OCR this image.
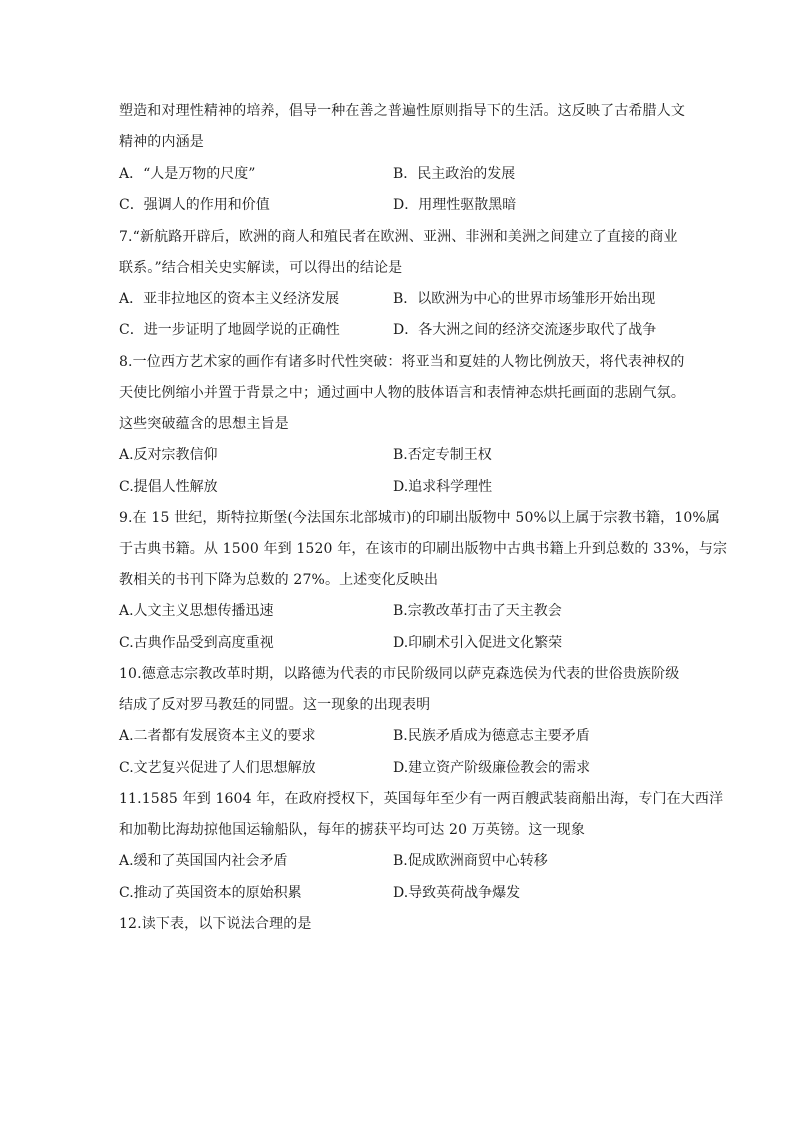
塑造和对理性精神的培养，倡导一种在善之普遍性原则指导下的生活。这反映了古希腊人文
精神的内涵是
A．“人是万物的尺度”	B．民主政治的发展
C．强调人的作用和价值	D．用理性驱散黑暗
7.“新航路开辟后，欧洲的商人和殖民者在欧洲、亚洲、非洲和美洲之间建立了直接的商业
联系。”结合相关史实解读，可以得出的结论是
A．亚非拉地区的资本主义经济发展	B．以欧洲为中心的世界市场雏形开始出现
C．进一步证明了地圆学说的正确性	D．各大洲之间的经济交流逐步取代了战争
8.一位西方艺术家的画作有诸多时代性突破：将亚当和夏娃的人物比例放天，将代表神权的
天使比例缩小并置于背景之中；通过画中人物的肢体语言和表情神态烘托画面的悲剧气氛。
这些突破蕴含的思想主旨是
A.反对宗教信仰	B.否定专制王权
C.提倡人性解放	D.追求科学理性
9.在 15 世纪，斯特拉斯堡(今法国东北部城市)的印刷出版物中 50%以上属于宗教书籍，10%属
于古典书籍。从 1500 年到 1520 年，在该市的印刷出版物中古典书籍上升到总数的 33%，与宗
教相关的书刊下降为总数的 27%。上述变化反映出
A.人文主义思想传播迅速	B.宗教改革打击了天主教会
C.古典作品受到高度重视	D.印刷术引入促进文化繁荣
10.德意志宗教改革时期，以路德为代表的市民阶级同以萨克森选侯为代表的世俗贵族阶级
结成了反对罗马教廷的同盟。这一现象的出现表明
A.二者都有发展资本主义的要求	B.民族矛盾成为德意志主要矛盾
C.文艺复兴促进了人们思想解放	D.建立资产阶级廉俭教会的需求
11.1585 年到 1604 年，在政府授权下，英国每年至少有一两百艘武装商船出海，专门在大西洋
和加勒比海劫掠他国运输船队，每年的掳获平均可达 20 万英镑。这一现象
A.缓和了英国国内社会矛盾	B.促成欧洲商贸中心转移
C.推动了英国资本的原始积累	D.导致英荷战争爆发
12.读下表，以下说法合理的是
